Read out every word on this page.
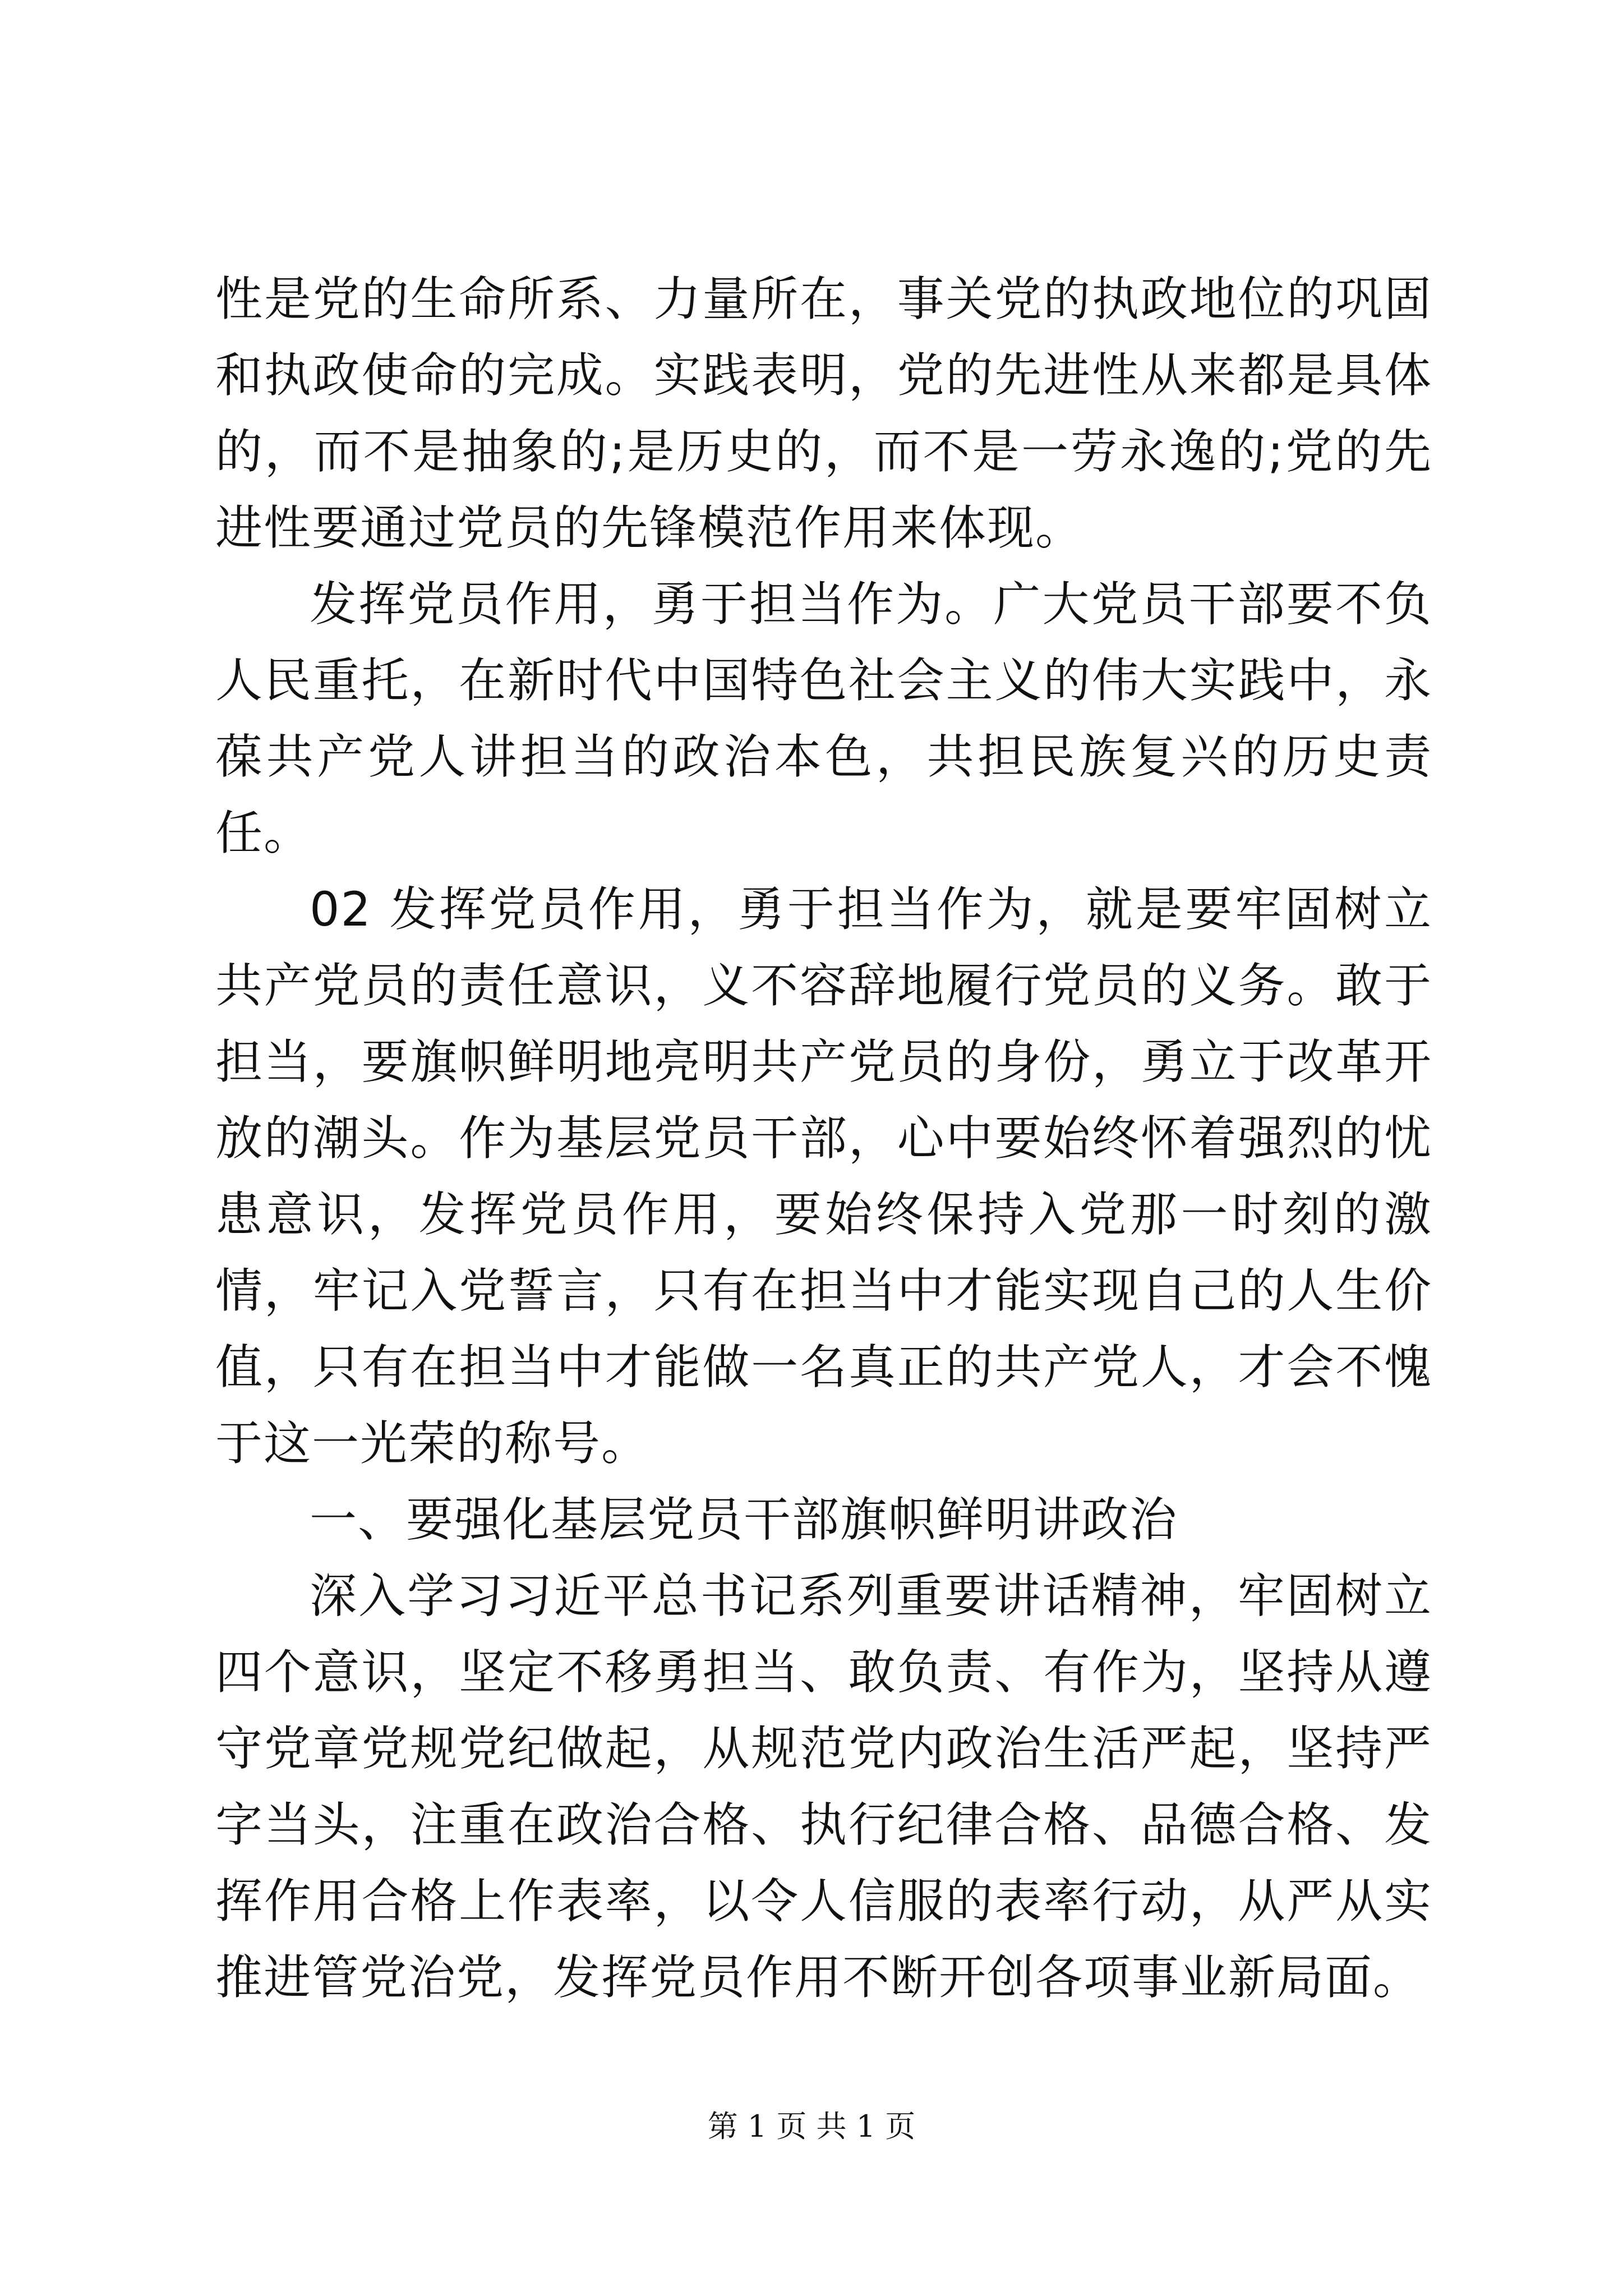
性是党的生命所系、力量所在，事关党的执政地位的巩固和执政使命的完成。实践表明，党的先进性从来都是具体的，而不是抽象的;是历史的，而不是一劳永逸的;党的先进性要通过党员的先锋模范作用来体现。

发挥党员作用，勇于担当作为。广大党员干部要不负人民重托，在新时代中国特色社会主义的伟大实践中，永葆共产党人讲担当的政治本色，共担民族复兴的历史责任。

02 发挥党员作用，勇于担当作为，就是要牢固树立共产党员的责任意识，义不容辞地履行党员的义务。敢于担当，要旗帜鲜明地亮明共产党员的身份，勇立于改革开放的潮头。作为基层党员干部，心中要始终怀着强烈的忧患意识，发挥党员作用，要始终保持入党那一时刻的激情，牢记入党誓言，只有在担当中才能实现自己的人生价值，只有在担当中才能做一名真正的共产党人，才会不愧于这一光荣的称号。

一、要强化基层党员干部旗帜鲜明讲政治

深入学习习近平总书记系列重要讲话精神，牢固树立四个意识，坚定不移勇担当、敢负责、有作为，坚持从遵守党章党规党纪做起，从规范党内政治生活严起，坚持严字当头，注重在政治合格、执行纪律合格、品德合格、发挥作用合格上作表率，以令人信服的表率行动，从严从实推进管党治党，发挥党员作用不断开创各项事业新局面。

第 1 页 共 1 页
